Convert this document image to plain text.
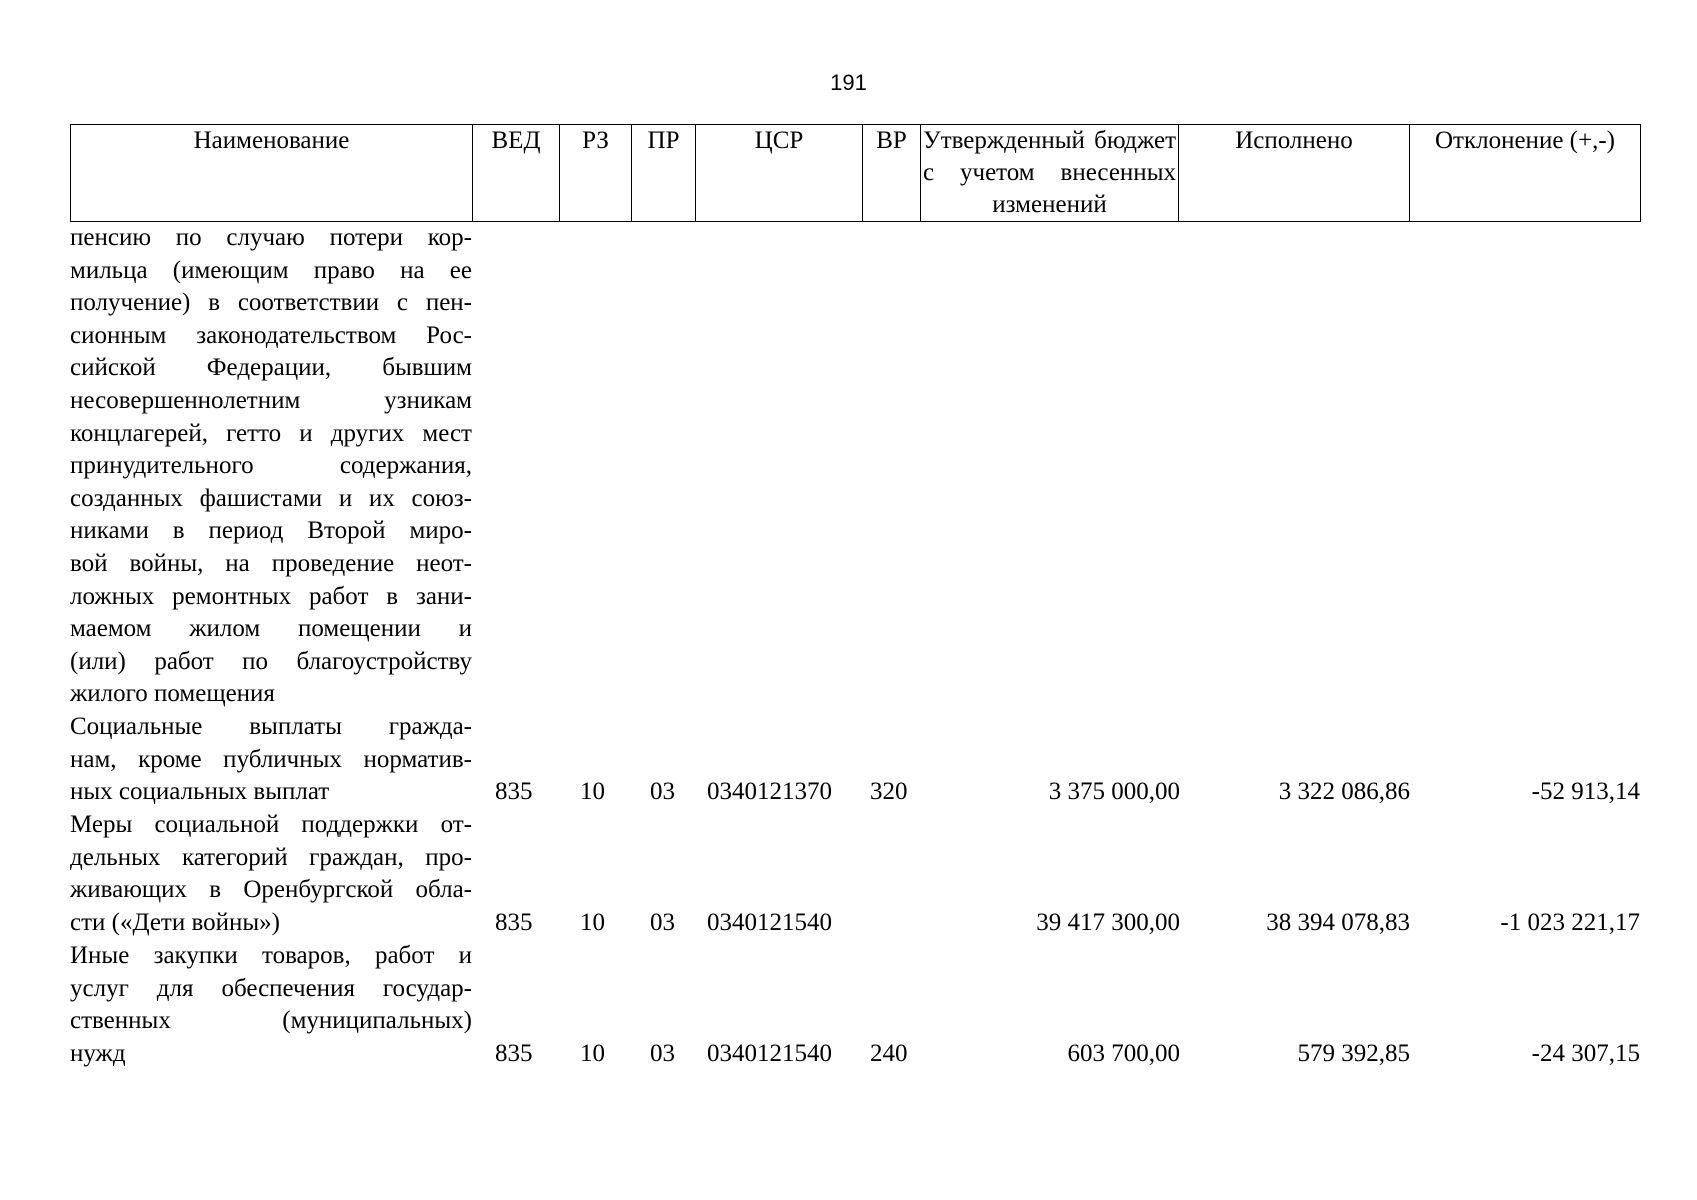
191
Наименование	ВЕД	РЗ	ПР	ЦСР	ВР	Утвержденный бюджет с учетом внесенных изменений	Исполнено	Отклонение (+,-)
пенсию по случаю потери кор-
мильца (имеющим право на ее
получение) в соответствии с пен-
сионным законодательством Рос-
сийской Федерации, бывшим
несовершеннолетним узникам
концлагерей, гетто и других мест
принудительного содержания,
созданных фашистами и их союз-
никами в период Второй миро-
вой войны, на проведение неот-
ложных ремонтных работ в зани-
маемом жилом помещении и
(или) работ по благоустройству
жилого помещения
Социальные выплаты гражда-
нам, кроме публичных норматив-
ных социальных выплат	835 10 03 0340121370 320	3 375 000,00	3 322 086,86	-52 913,14
Меры социальной поддержки от-
дельных категорий граждан, про-
живающих в Оренбургской обла-
сти («Дети войны»)	835 10 03 0340121540	39 417 300,00	38 394 078,83	-1 023 221,17
Иные закупки товаров, работ и
услуг для обеспечения государ-
ственных (муниципальных)
нужд	835 10 03 0340121540 240	603 700,00	579 392,85	-24 307,15
